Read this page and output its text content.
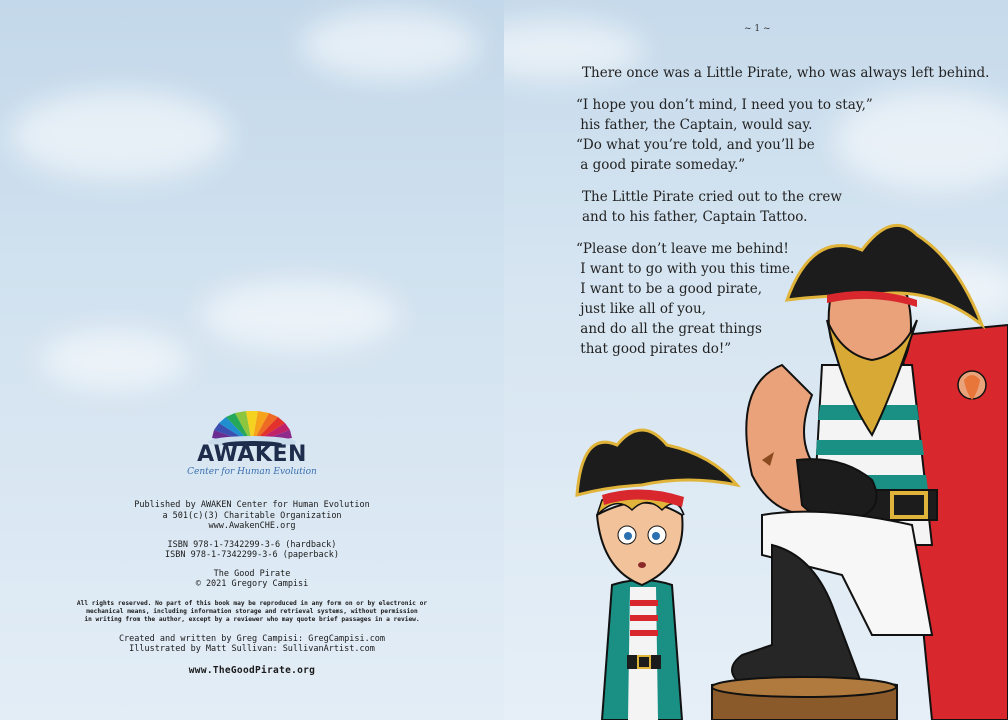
AWAKEN
Center for Human Evolution
Published by AWAKEN Center for Human Evolution
a 501(c)(3) Charitable Organization
www.AwakenCHE.org
ISBN 978-1-7342299-3-6 (hardback)
ISBN 978-1-7342299-3-6 (paperback)
The Good Pirate
© 2021 Gregory Campisi
All rights reserved. No part of this book may be reproduced in any form on or by electronic or
mechanical means, including information storage and retrieval systems, without permission
in writing from the author, except by a reviewer who may quote brief passages in a review.
Created and written by Greg Campisi: GregCampisi.com
Illustrated by Matt Sullivan: SullivanArtist.com
www.TheGoodPirate.org
~ 1 ~

There once was a Little Pirate, who was always left behind.

“I hope you don’t mind, I need you to stay,”
his father, the Captain, would say.
“Do what you’re told, and you’ll be
a good pirate someday.”

The Little Pirate cried out to the crew
and to his father, Captain Tattoo.

“Please don’t leave me behind!
I want to go with you this time.
I want to be a good pirate,
just like all of you,
and do all the great things
that good pirates do!”
